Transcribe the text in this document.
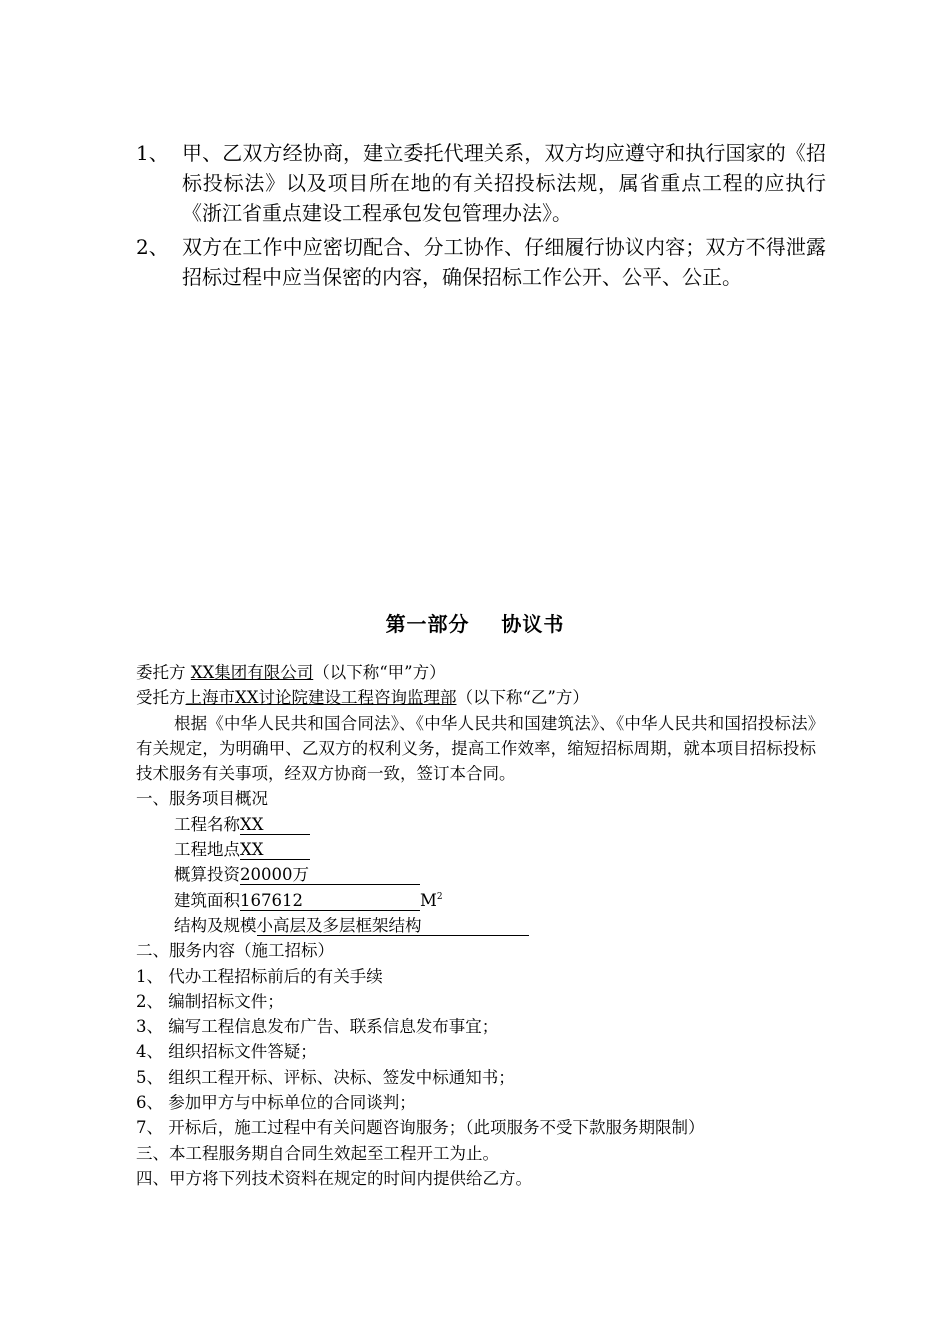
1、 甲、乙双方经协商，建立委托代理关系，双方均应遵守和执行国家的《招标投标法》以及项目所在地的有关招投标法规，属省重点工程的应执行《浙江省重点建设工程承包发包管理办法》。
2、 双方在工作中应密切配合、分工协作、仔细履行协议内容；双方不得泄露招标过程中应当保密的内容，确保招标工作公开、公平、公正。
第一部分 协议书
委托方 XX集团有限公司（以下称“甲”方）
受托方上海市XX讨论院建设工程咨询监理部（以下称“乙”方）
根据《中华人民共和国合同法》、《中华人民共和国建筑法》、《中华人民共和国招投标法》有关规定，为明确甲、乙双方的权利义务，提高工作效率，缩短招标周期，就本项目招标投标技术服务有关事项，经双方协商一致，签订本合同。
一、服务项目概况
工程名称XX
工程地点XX
概算投资20000万
建筑面积167612	$M^2$
结构及规模小高层及多层框架结构
二、服务内容（施工招标）
1、 代办工程招标前后的有关手续
2、 编制招标文件；
3、 编写工程信息发布广告、联系信息发布事宜；
4、 组织招标文件答疑；
5、 组织工程开标、评标、决标、签发中标通知书；
6、 参加甲方与中标单位的合同谈判；
7、 开标后，施工过程中有关问题咨询服务；（此项服务不受下款服务期限制）
三、本工程服务期自合同生效起至工程开工为止。
四、甲方将下列技术资料在规定的时间内提供给乙方。
